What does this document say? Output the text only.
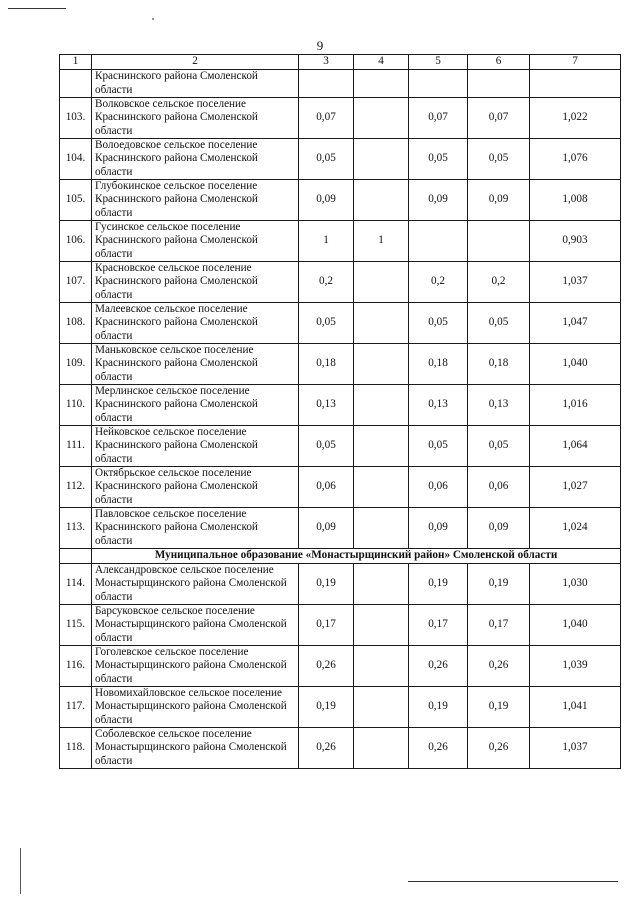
9
1	2	3	4	5	6	7
	Краснинского района Смоленской области					
103.	Волковское сельское поселение Краснинского района Смоленской области	0,07		0,07	0,07	1,022
104.	Волоедовское сельское поселение Краснинского района Смоленской области	0,05		0,05	0,05	1,076
105.	Глубокинское сельское поселение Краснинского района Смоленской области	0,09		0,09	0,09	1,008
106.	Гусинское сельское поселение Краснинского района Смоленской области	1	1			0,903
107.	Красновское сельское поселение Краснинского района Смоленской области	0,2		0,2	0,2	1,037
108.	Малеевское сельское поселение Краснинского района Смоленской области	0,05		0,05	0,05	1,047
109.	Маньковское сельское поселение Краснинского района Смоленской области	0,18		0,18	0,18	1,040
110.	Мерлинское сельское поселение Краснинского района Смоленской области	0,13		0,13	0,13	1,016
111.	Нейковское сельское поселение Краснинского района Смоленской области	0,05		0,05	0,05	1,064
112.	Октябрьское сельское поселение Краснинского района Смоленской области	0,06		0,06	0,06	1,027
113.	Павловское сельское поселение Краснинского района Смоленской области	0,09		0,09	0,09	1,024
	Муниципальное образование «Монастырщинский район» Смоленской области					
114.	Александровское сельское поселение Монастырщинского района Смоленской области	0,19		0,19	0,19	1,030
115.	Барсуковское сельское поселение Монастырщинского района Смоленской области	0,17		0,17	0,17	1,040
116.	Гоголевское сельское поселение Монастырщинского района Смоленской области	0,26		0,26	0,26	1,039
117.	Новомихайловское сельское поселение Монастырщинского района Смоленской области	0,19		0,19	0,19	1,041
118.	Соболевское сельское поселение Монастырщинского района Смоленской области	0,26		0,26	0,26	1,037
